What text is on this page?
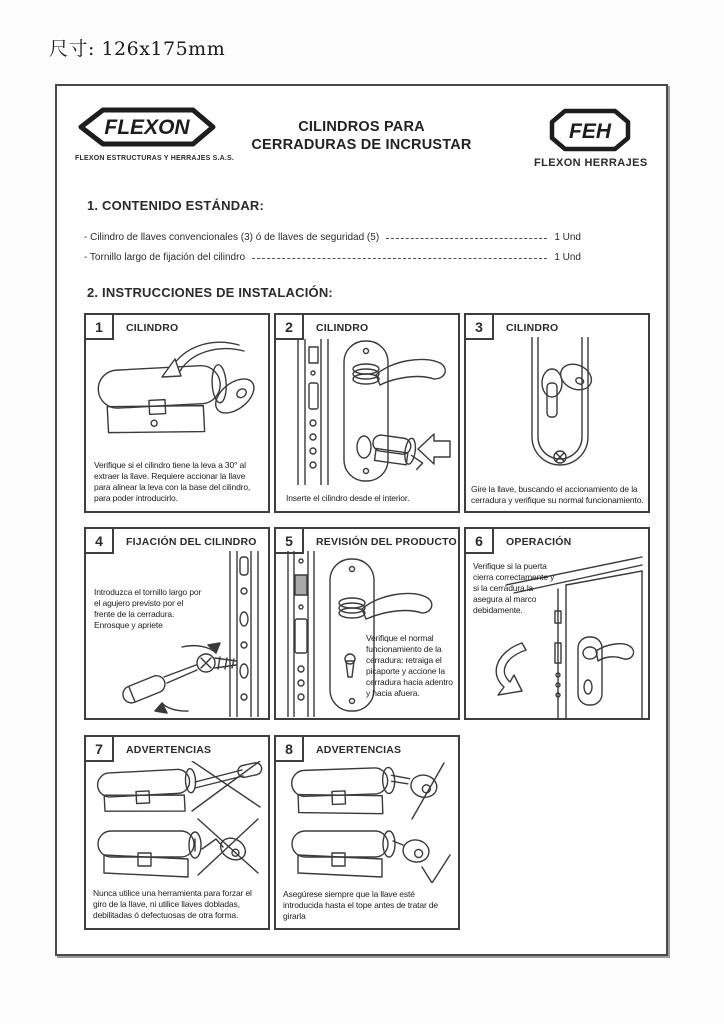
尺寸: 126x175mm
FLEXON
FLEXON ESTRUCTURAS Y HERRAJES S.A.S.
CILINDROS PARA
CERRADURAS DE INCRUSTAR
FEH
FLEXON HERRAJES
1. CONTENIDO ESTÁNDAR:
- Cilindro de llaves convencionales (3) ó de llaves de seguridad (5)	1 Und
- Tornillo largo de fijación del cilindro	1 Und
2. INSTRUCCIONES DE INSTALACIÓN:
1	CILINDRO
Verifique si el cilindro tiene la leva a 30° al extraer la llave. Requiere accionar la llave para alinear la leva con la base del cilindro, para poder introducirlo.
2	CILINDRO
Inserte el cilindro desde el interior.
3	CILINDRO
Gire la llave, buscando el accionamiento de la cerradura y verifique su normal funcionamiento.
4	FIJACIÓN DEL CILINDRO
Introduzca el tornillo largo por el agujero previsto por el frente de la cerradura. Enrosque y apriete
5	REVISIÓN DEL PRODUCTO
Verifique el normal funcionamiento de la cerradura: retraiga el picaporte y accione la cerradura hacia adentro y hacia afuera.
6	OPERACIÓN
Verifique si la puerta cierra correctamente y si la cerradura la asegura al marco debidamente.
7	ADVERTENCIAS
Nunca utilice una herramienta para forzar el giro de la llave, ni utilice llaves dobladas, debilitadas ó defectuosas de otra forma.
8	ADVERTENCIAS
Asegúrese siempre que la llave esté introducida hasta el tope antes de tratar de girarla
